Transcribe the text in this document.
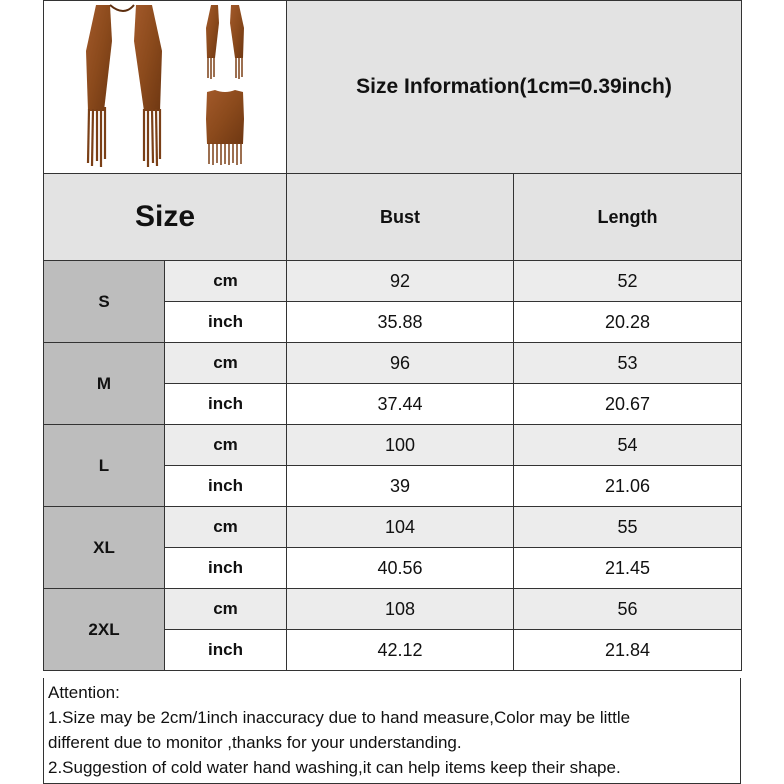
	Size Information(1cm=0.39inch)	
Size		Bust	Length
S	cm	92	52
	inch	35.88	20.28
M	cm	96	53
	inch	37.44	20.67
L	cm	100	54
	inch	39	21.06
XL	cm	104	55
	inch	40.56	21.45
2XL	cm	108	56
	inch	42.12	21.84
Attention:
1.Size may be 2cm/1inch inaccuracy due to hand measure,Color may be little
different due to monitor ,thanks for your understanding.
2.Suggestion of cold water hand washing,it can help items keep their shape.
